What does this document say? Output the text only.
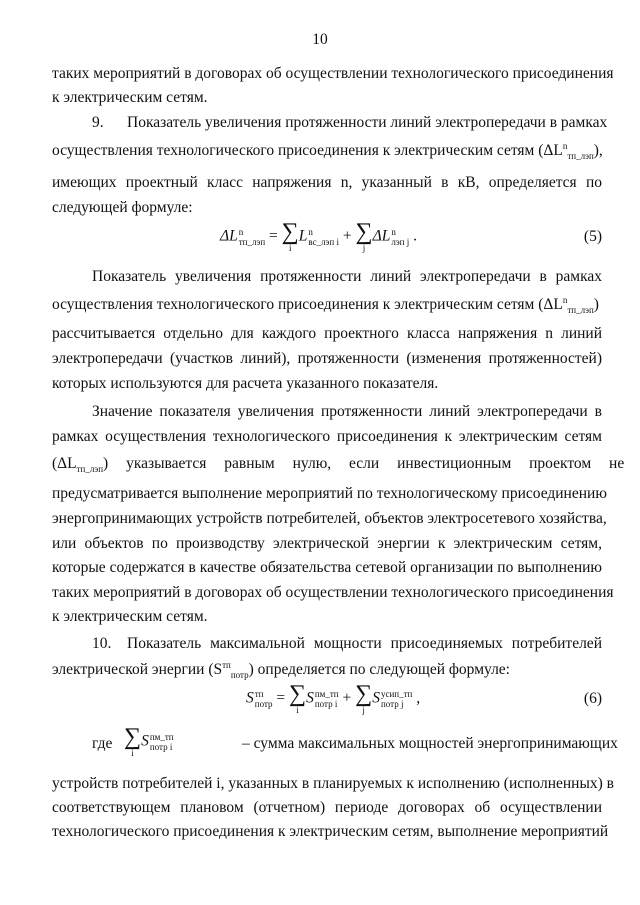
10
таких мероприятий в договорах об осуществлении технологического присоединения
к электрическим сетям.
9. Показатель увеличения протяженности линий электропередачи в рамках
осуществления технологического присоединения к электрическим сетям $(\Delta L^n_{тп\_лэп})$,
имеющих проектный класс напряжения n, указанный в кВ, определяется по
следующей формуле:
ΔL n
тп_лэп = ∑
i
L n
вс_лэп i + ∑
j
ΔL n
лэп j .	(5)
Показатель увеличения протяженности линий электропередачи в рамках
осуществления технологического присоединения к электрическим сетям $(\Delta L^n_{тп\_лэп})$
рассчитывается отдельно для каждого проектного класса напряжения n линий
электропередачи (участков линий), протяженности (изменения протяженностей)
которых используются для расчета указанного показателя.
Значение показателя увеличения протяженности линий электропередачи в
рамках осуществления технологического присоединения к электрическим сетям
$(\Delta L_{тп\_лэп})$ указывается равным нулю, если инвестиционным проектом не
предусматривается выполнение мероприятий по технологическому присоединению
энергопринимающих устройств потребителей, объектов электросетевого хозяйства,
или объектов по производству электрической энергии к электрическим сетям,
которые содержатся в качестве обязательства сетевой организации по выполнению
таких мероприятий в договорах об осуществлении технологического присоединения
к электрическим сетям.
10. Показатель максимальной мощности присоединяемых потребителей
электрической энергии $(S^{тп}_{потр})$ определяется по следующей формуле:
S тп
потр = ∑
i
S пм_тп
потр i + ∑
j
S усип_тп
потр j ,	(6)
где ∑
i
S пм_тп
потр i	– сумма максимальных мощностей энергопринимающих
устройств потребителей i, указанных в планируемых к исполнению (исполненных) в
соответствующем плановом (отчетном) периоде договорах об осуществлении
технологического присоединения к электрическим сетям, выполнение мероприятий
